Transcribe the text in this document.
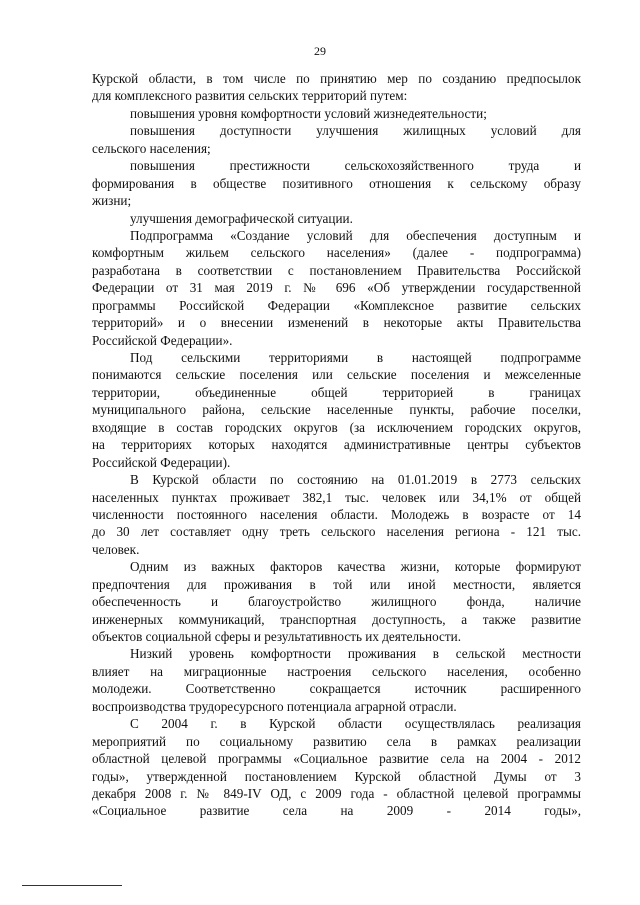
29
Курской области, в том числе по принятию мер по созданию предпосылок
для комплексного развития сельских территорий путем:
повышения уровня комфортности условий жизнедеятельности;
повышения доступности улучшения жилищных условий для
сельского населения;
повышения престижности сельскохозяйственного труда и
формирования в обществе позитивного отношения к сельскому образу
жизни;
улучшения демографической ситуации.
Подпрограмма «Создание условий для обеспечения доступным и
комфортным жильем сельского населения» (далее - подпрограмма)
разработана в соответствии с постановлением Правительства Российской
Федерации от 31 мая 2019 г. № 696 «Об утверждении государственной
программы Российской Федерации «Комплексное развитие сельских
территорий» и о внесении изменений в некоторые акты Правительства
Российской Федерации».
Под сельскими территориями в настоящей подпрограмме
понимаются сельские поселения или сельские поселения и межселенные
территории, объединенные общей территорией в границах
муниципального района, сельские населенные пункты, рабочие поселки,
входящие в состав городских округов (за исключением городских округов,
на территориях которых находятся административные центры субъектов
Российской Федерации).
В Курской области по состоянию на 01.01.2019 в 2773 сельских
населенных пунктах проживает 382,1 тыс. человек или 34,1% от общей
численности постоянного населения области. Молодежь в возрасте от 14
до 30 лет составляет одну треть сельского населения региона - 121 тыс.
человек.
Одним из важных факторов качества жизни, которые формируют
предпочтения для проживания в той или иной местности, является
обеспеченность и благоустройство жилищного фонда, наличие
инженерных коммуникаций, транспортная доступность, а также развитие
объектов социальной сферы и результативность их деятельности.
Низкий уровень комфортности проживания в сельской местности
влияет на миграционные настроения сельского населения, особенно
молодежи. Соответственно сокращается источник расширенного
воспроизводства трудоресурсного потенциала аграрной отрасли.
С 2004 г. в Курской области осуществлялась реализация
мероприятий по социальному развитию села в рамках реализации
областной целевой программы «Социальное развитие села на 2004 - 2012
годы», утвержденной постановлением Курской областной Думы от 3
декабря 2008 г. № 849-IV ОД, с 2009 года - областной целевой программы
«Социальное развитие села на 2009 - 2014 годы»,
